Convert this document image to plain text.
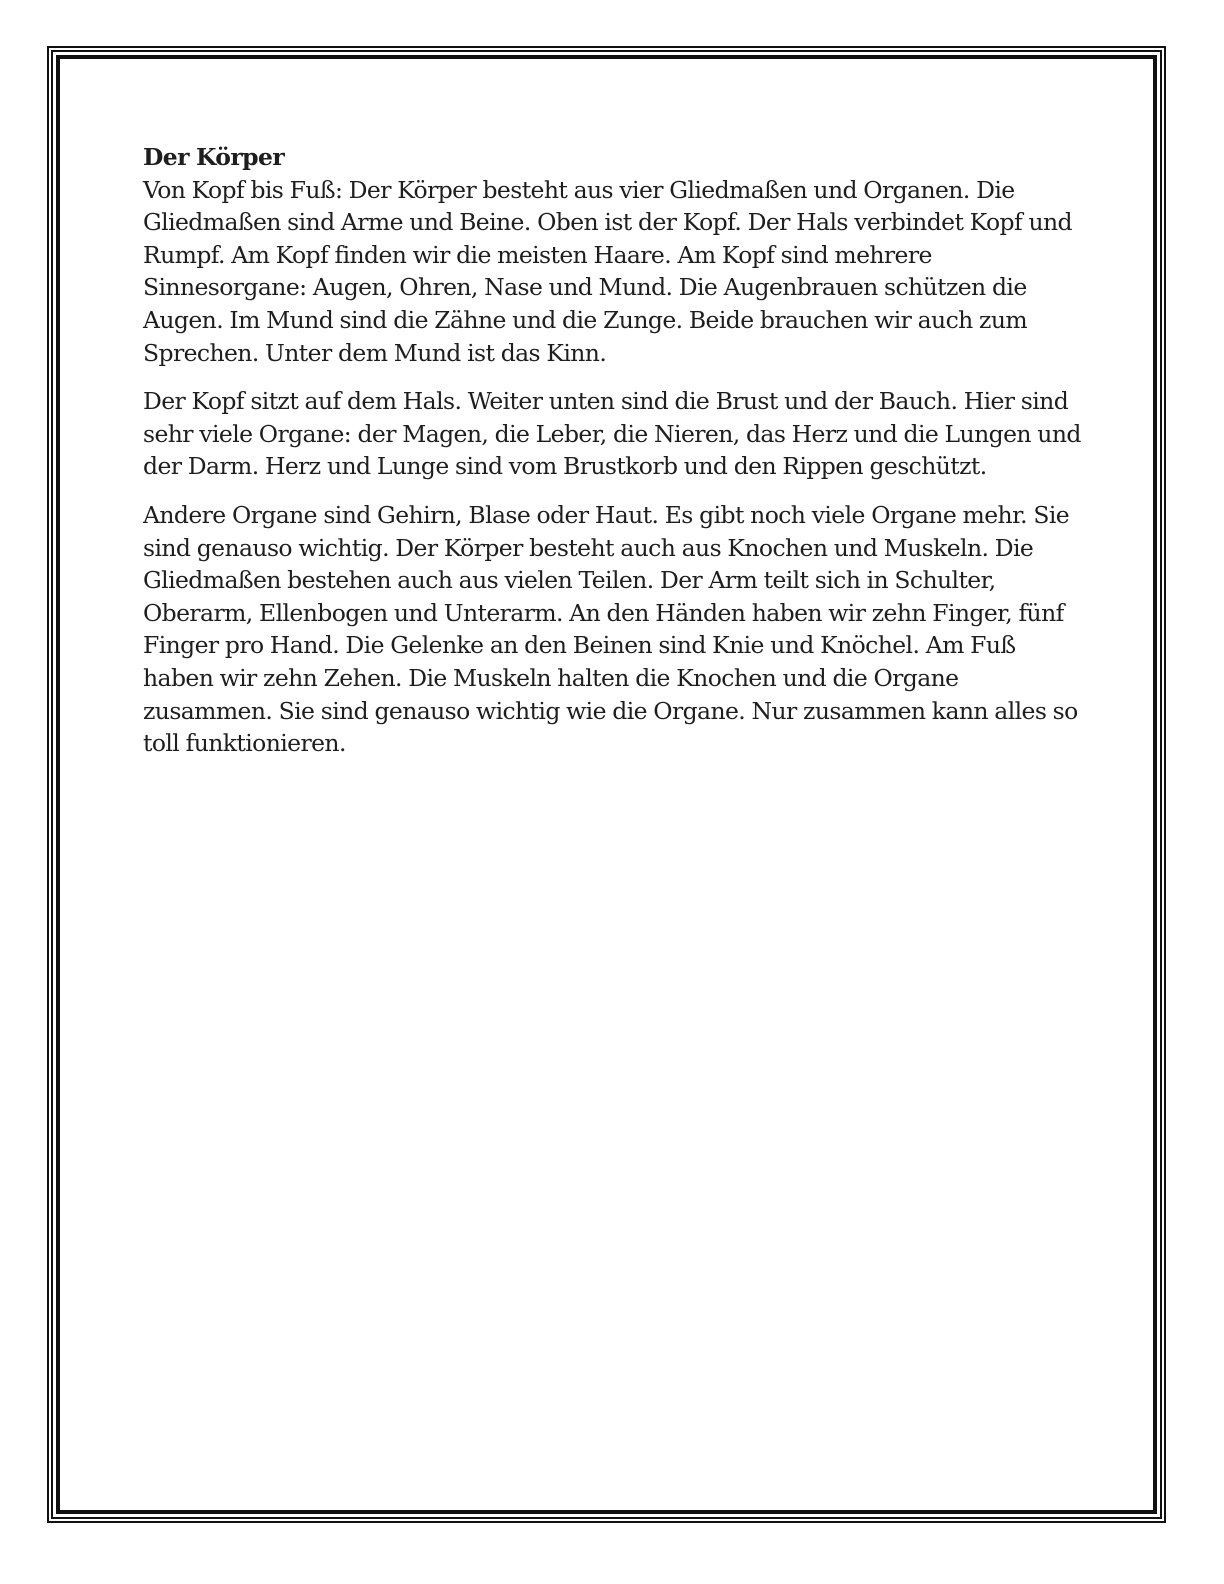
Der Körper

Von Kopf bis Fuß: Der Körper besteht aus vier Gliedmaßen und Organen. Die Gliedmaßen sind Arme und Beine. Oben ist der Kopf. Der Hals verbindet Kopf und Rumpf. Am Kopf finden wir die meisten Haare. Am Kopf sind mehrere Sinnesorgane: Augen, Ohren, Nase und Mund. Die Augenbrauen schützen die Augen. Im Mund sind die Zähne und die Zunge. Beide brauchen wir auch zum Sprechen. Unter dem Mund ist das Kinn.

Der Kopf sitzt auf dem Hals. Weiter unten sind die Brust und der Bauch. Hier sind sehr viele Organe: der Magen, die Leber, die Nieren, das Herz und die Lungen und der Darm. Herz und Lunge sind vom Brustkorb und den Rippen geschützt.

Andere Organe sind Gehirn, Blase oder Haut. Es gibt noch viele Organe mehr. Sie sind genauso wichtig. Der Körper besteht auch aus Knochen und Muskeln. Die Gliedmaßen bestehen auch aus vielen Teilen. Der Arm teilt sich in Schulter, Oberarm, Ellenbogen und Unterarm. An den Händen haben wir zehn Finger, fünf Finger pro Hand. Die Gelenke an den Beinen sind Knie und Knöchel. Am Fuß haben wir zehn Zehen. Die Muskeln halten die Knochen und die Organe zusammen. Sie sind genauso wichtig wie die Organe. Nur zusammen kann alles so toll funktionieren.
